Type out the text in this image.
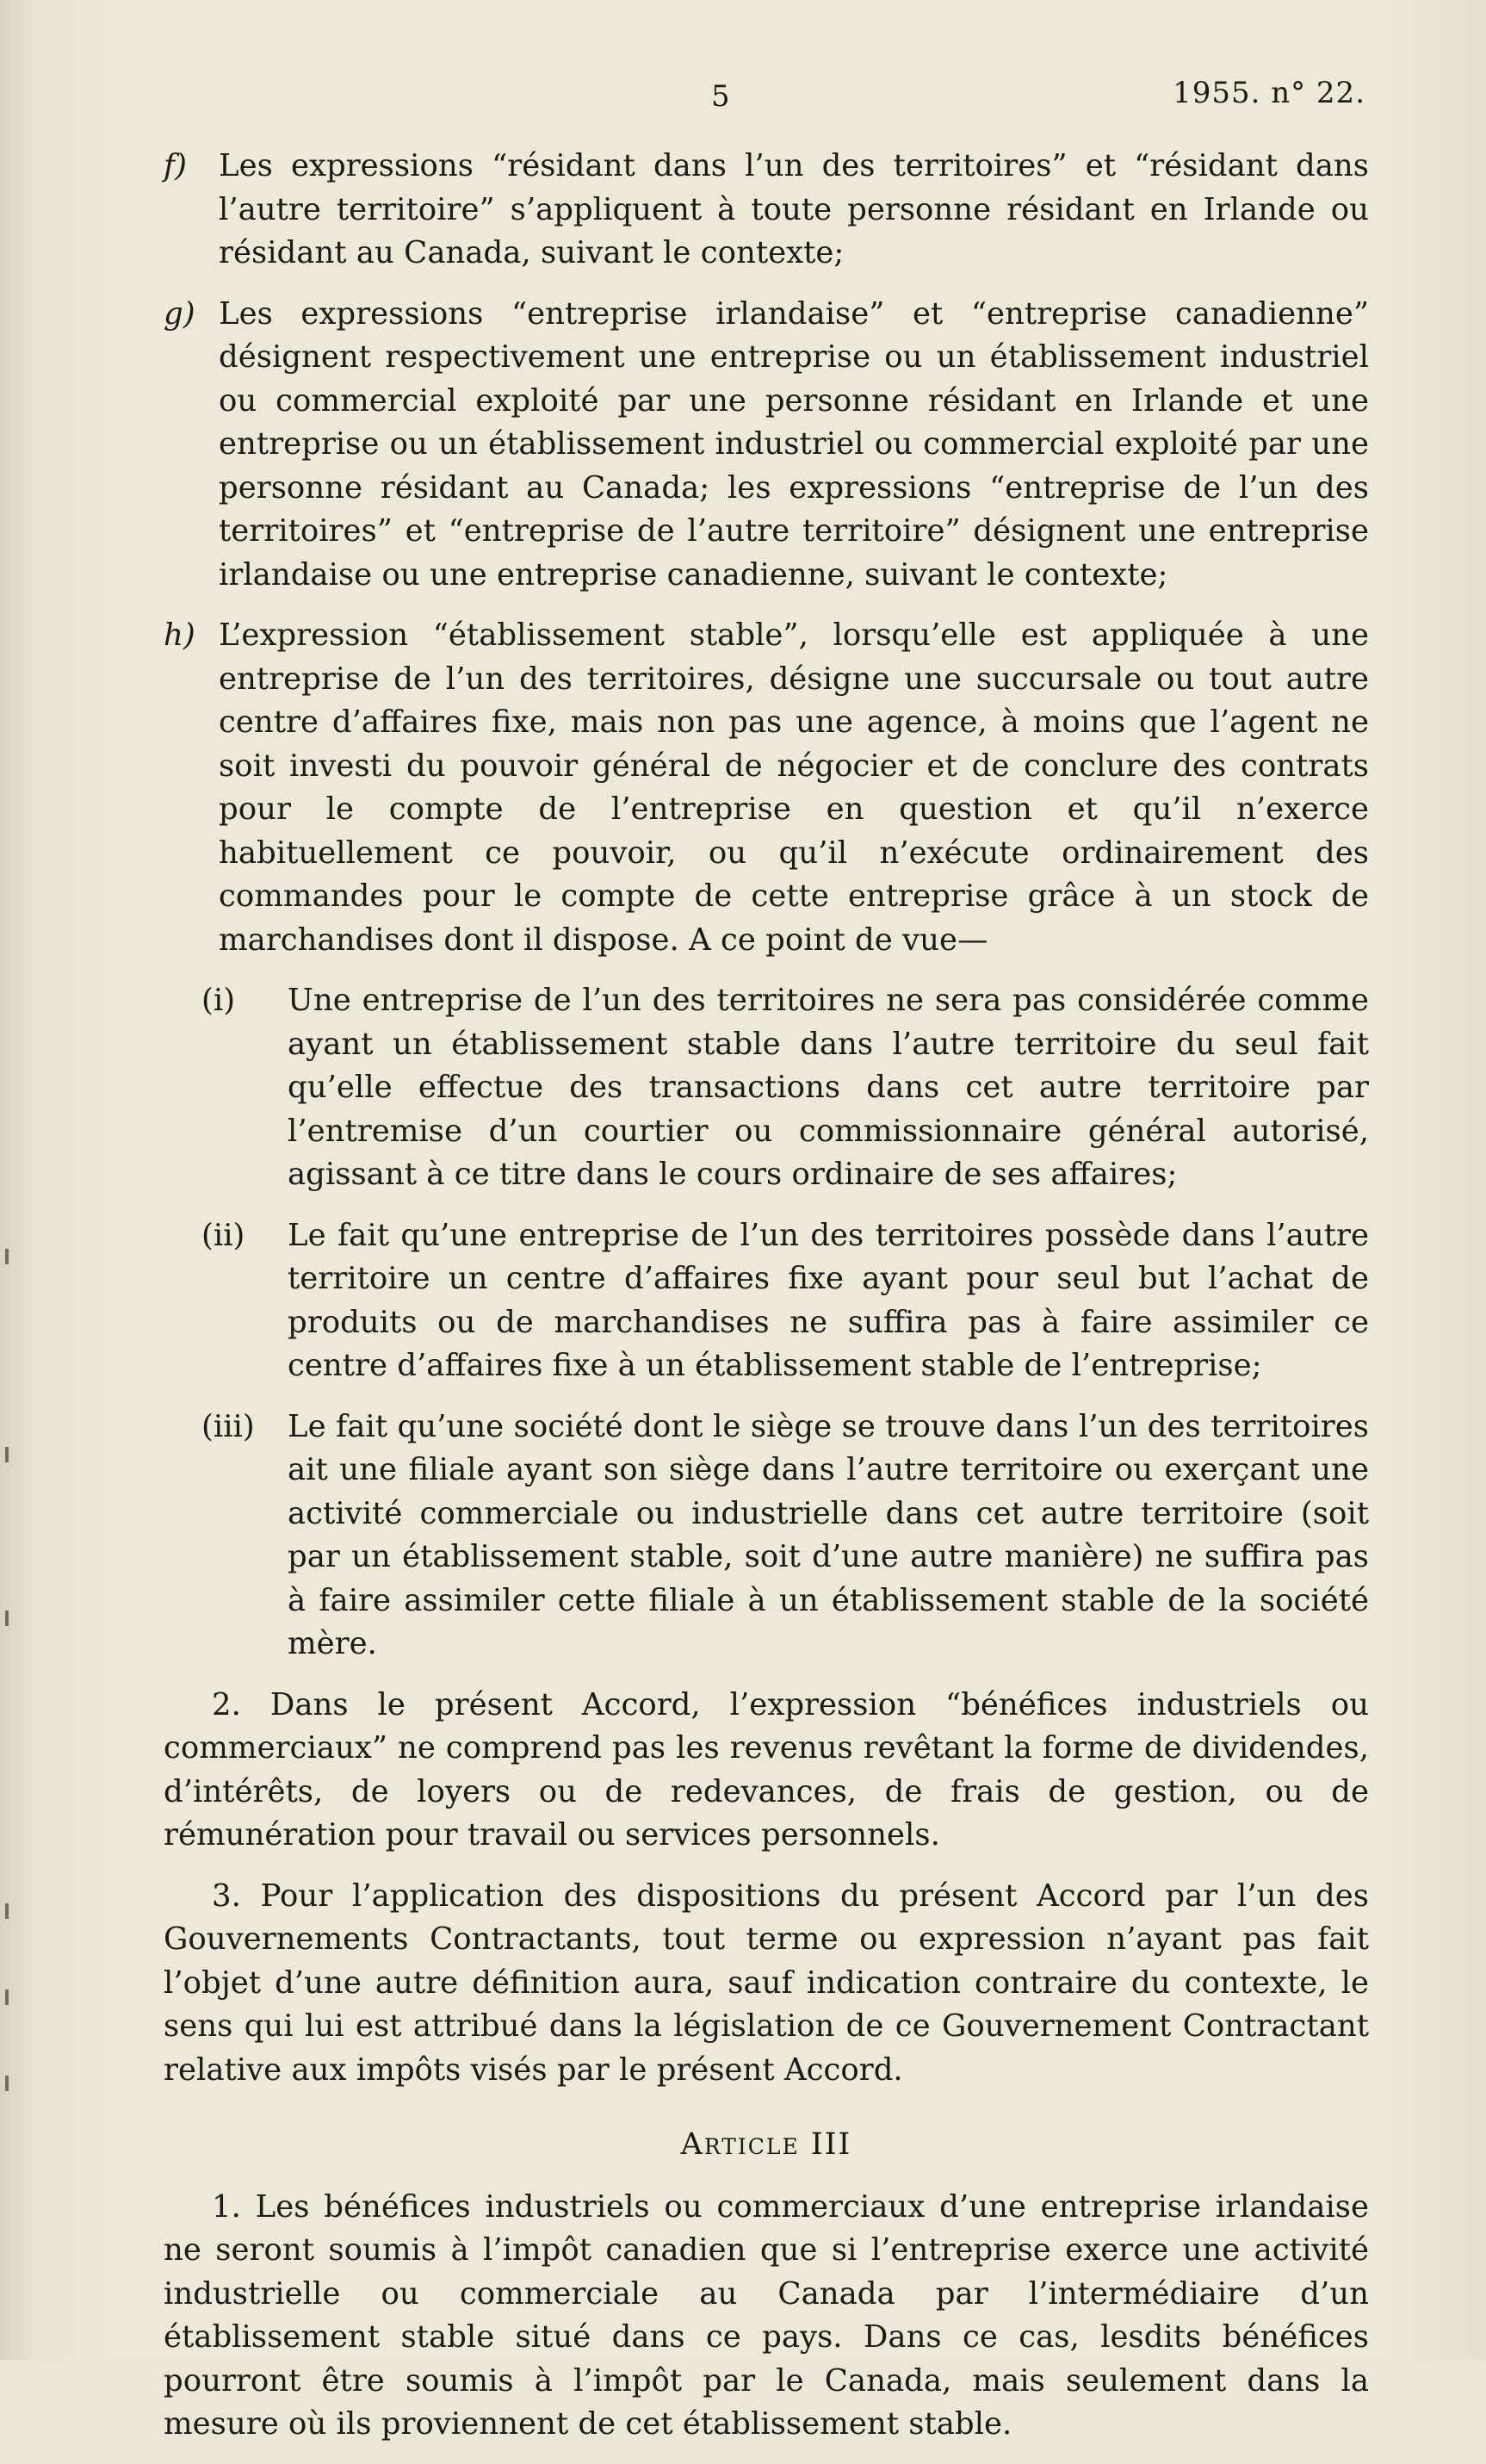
5	1955. n° 22.
f) Les expressions “résidant dans l’un des territoires” et “résidant dans l’autre territoire” s’appliquent à toute personne résidant en Irlande ou résidant au Canada, suivant le contexte;
g) Les expressions “entreprise irlandaise” et “entreprise canadienne” désignent respectivement une entreprise ou un établissement industriel ou commercial exploité par une personne résidant en Irlande et une entreprise ou un établissement industriel ou commercial exploité par une personne résidant au Canada; les expressions “entreprise de l’un des territoires” et “entreprise de l’autre territoire” désignent une entreprise irlandaise ou une entreprise canadienne, suivant le contexte;
h) L’expression “établissement stable”, lorsqu’elle est appliquée à une entreprise de l’un des territoires, désigne une succursale ou tout autre centre d’affaires fixe, mais non pas une agence, à moins que l’agent ne soit investi du pouvoir général de négocier et de conclure des contrats pour le compte de l’entreprise en question et qu’il n’exerce habituellement ce pouvoir, ou qu’il n’exécute ordinairement des commandes pour le compte de cette entreprise grâce à un stock de marchandises dont il dispose. A ce point de vue—
(i) Une entreprise de l’un des territoires ne sera pas considérée comme ayant un établissement stable dans l’autre territoire du seul fait qu’elle effectue des transactions dans cet autre territoire par l’entremise d’un courtier ou commissionnaire général autorisé, agissant à ce titre dans le cours ordinaire de ses affaires;
(ii) Le fait qu’une entreprise de l’un des territoires possède dans l’autre territoire un centre d’affaires fixe ayant pour seul but l’achat de produits ou de marchandises ne suffira pas à faire assimiler ce centre d’affaires fixe à un établissement stable de l’entreprise;
(iii) Le fait qu’une société dont le siège se trouve dans l’un des territoires ait une filiale ayant son siège dans l’autre territoire ou exerçant une activité commerciale ou industrielle dans cet autre territoire (soit par un établissement stable, soit d’une autre manière) ne suffira pas à faire assimiler cette filiale à un établissement stable de la société mère.

2. Dans le présent Accord, l’expression “bénéfices industriels ou commerciaux” ne comprend pas les revenus revêtant la forme de dividendes, d’intérêts, de loyers ou de redevances, de frais de gestion, ou de rémunération pour travail ou services personnels.

3. Pour l’application des dispositions du présent Accord par l’un des Gouvernements Contractants, tout terme ou expression n’ayant pas fait l’objet d’une autre définition aura, sauf indication contraire du contexte, le sens qui lui est attribué dans la législation de ce Gouvernement Contractant relative aux impôts visés par le présent Accord.

Article III

1. Les bénéfices industriels ou commerciaux d’une entreprise irlandaise ne seront soumis à l’impôt canadien que si l’entreprise exerce une activité industrielle ou commerciale au Canada par l’intermédiaire d’un établissement stable situé dans ce pays. Dans ce cas, lesdits bénéfices pourront être soumis à l’impôt par le Canada, mais seulement dans la mesure où ils proviennent de cet établissement stable.
